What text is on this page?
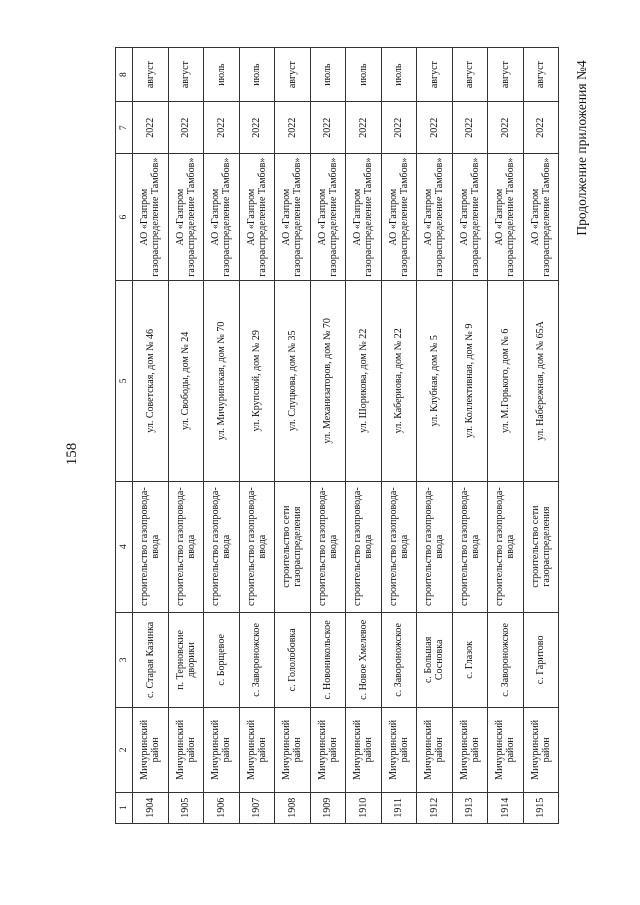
158
Продолжение приложения №4
1	2	3	4	5	6	7	8
1904	Мичуринский район	с. Старая Казинка	строительство газопровода-ввода	ул. Советская, дом № 46	АО «Газпром газораспределение Тамбов»	2022	август
1905	Мичуринский район	п. Терновские дворики	строительство газопровода-ввода	ул. Свободы, дом № 24	АО «Газпром газораспределение Тамбов»	2022	август
1906	Мичуринский район	с. Борщевое	строительство газопровода-ввода	ул. Мичуринская, дом № 70	АО «Газпром газораспределение Тамбов»	2022	июль
1907	Мичуринский район	с. Завороножское	строительство газопровода-ввода	ул. Крупской, дом № 29	АО «Газпром газораспределение Тамбов»	2022	июль
1908	Мичуринский район	с. Гололобовка	строительство сети газораспределения	ул. Слуцкова, дом № 35	АО «Газпром газораспределение Тамбов»	2022	август
1909	Мичуринский район	с. Новоникольское	строительство газопровода-ввода	ул. Механизаторов, дом № 70	АО «Газпром газораспределение Тамбов»	2022	июль
1910	Мичуринский район	с. Новое Хмелевое	строительство газопровода-ввода	ул. Шорикова, дом № 22	АО «Газпром газораспределение Тамбов»	2022	июль
1911	Мичуринский район	с. Завороножское	строительство газопровода-ввода	ул. Кабериова, дом № 22	АО «Газпром газораспределение Тамбов»	2022	июль
1912	Мичуринский район	с. Большая Сосновка	строительство газопровода-ввода	ул. Клубная, дом № 5	АО «Газпром газораспределение Тамбов»	2022	август
1913	Мичуринский район	с. Глазок	строительство газопровода-ввода	ул. Коллективная, дом № 9	АО «Газпром газораспределение Тамбов»	2022	август
1914	Мичуринский район	с. Завороножское	строительство газопровода-ввода	ул. М.Горького, дом № 6	АО «Газпром газораспределение Тамбов»	2022	август
1915	Мичуринский район	с. Гаритово	строительство сети газораспределения	ул. Набережная, дом № 65А	АО «Газпром газораспределение Тамбов»	2022	август
